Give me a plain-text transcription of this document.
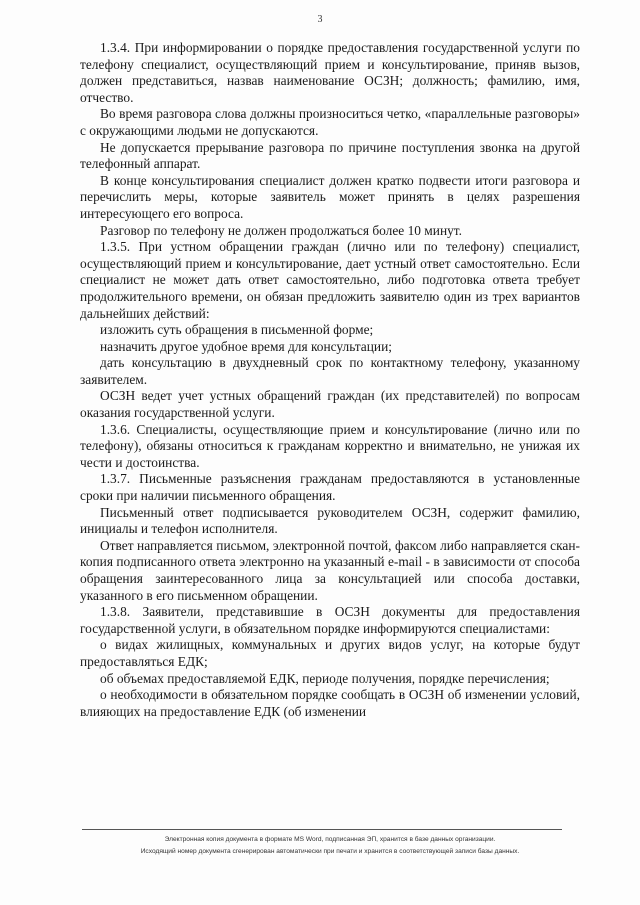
3

1.3.4. При информировании о порядке предоставления государственной услуги по телефону специалист, осуществляющий прием и консультирование, приняв вызов, должен представиться, назвав наименование ОСЗН; должность; фамилию, имя, отчество.

Во время разговора слова должны произноситься четко, «параллельные разговоры» с окружающими людьми не допускаются.

Не допускается прерывание разговора по причине поступления звонка на другой телефонный аппарат.

В конце консультирования специалист должен кратко подвести итоги разговора и перечислить меры, которые заявитель может принять в целях разрешения интересующего его вопроса.

Разговор по телефону не должен продолжаться более 10 минут.

1.3.5. При устном обращении граждан (лично или по телефону) специалист, осуществляющий прием и консультирование, дает устный ответ самостоятельно. Если специалист не может дать ответ самостоятельно, либо подготовка ответа требует продолжительного времени, он обязан предложить заявителю один из трех вариантов дальнейших действий:

изложить суть обращения в письменной форме;

назначить другое удобное время для консультации;

дать консультацию в двухдневный срок по контактному телефону, указанному заявителем.

ОСЗН ведет учет устных обращений граждан (их представителей) по вопросам оказания государственной услуги.

1.3.6. Специалисты, осуществляющие прием и консультирование (лично или по телефону), обязаны относиться к гражданам корректно и внимательно, не унижая их чести и достоинства.

1.3.7. Письменные разъяснения гражданам предоставляются в установленные сроки при наличии письменного обращения.

Письменный ответ подписывается руководителем ОСЗН, содержит фамилию, инициалы и телефон исполнителя.

Ответ направляется письмом, электронной почтой, факсом либо направляется скан-копия подписанного ответа электронно на указанный e-mail - в зависимости от способа обращения заинтересованного лица за консультацией или способа доставки, указанного в его письменном обращении.

1.3.8. Заявители, представившие в ОСЗН документы для предоставления государственной услуги, в обязательном порядке информируются специалистами:

о видах жилищных, коммунальных и других видов услуг, на которые будут предоставляться ЕДК;

об объемах предоставляемой ЕДК, периоде получения, порядке перечисления;

о необходимости в обязательном порядке сообщать в ОСЗН об изменении условий, влияющих на предоставление ЕДК (об изменении

Электронная копия документа в формате MS Word, подписанная ЭП, хранится в базе данных организации.
Исходящий номер документа сгенерирован автоматически при печати и хранится в соответствующей записи базы данных.
